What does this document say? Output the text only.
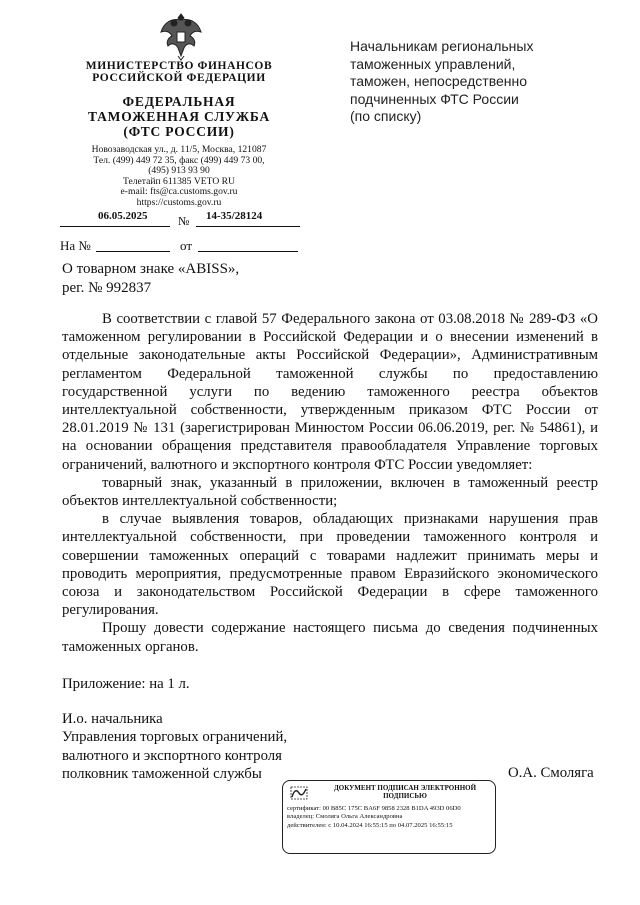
МИНИСТЕРСТВО ФИНАНСОВ
РОССИЙСКОЙ ФЕДЕРАЦИИ
ФЕДЕРАЛЬНАЯ
ТАМОЖЕННАЯ СЛУЖБА
(ФТС РОССИИ)
Новозаводская ул., д. 11/5, Москва, 121087
Тел. (499) 449 72 35, факс (499) 449 73 00,
(495) 913 93 90
Телетайп 611385 VETO RU
e-mail: fts@ca.customs.gov.ru
https://customs.gov.ru
06.05.2025	№ 14-35/28124
На №	от
Начальникам региональных
таможенных управлений,
таможен, непосредственно
подчиненных ФТС России
(по списку)
О товарном знаке «ABISS»,
рег. № 992837

В соответствии с главой 57 Федерального закона от 03.08.2018 № 289-ФЗ «О таможенном регулировании в Российской Федерации и о внесении изменений в отдельные законодательные акты Российской Федерации», Административным регламентом Федеральной таможенной службы по предоставлению государственной услуги по ведению таможенного реестра объектов интеллектуальной собственности, утвержденным приказом ФТС России от 28.01.2019 № 131 (зарегистрирован Минюстом России 06.06.2019, рег. № 54861), и на основании обращения представителя правообладателя Управление торговых ограничений, валютного и экспортного контроля ФТС России уведомляет:

товарный знак, указанный в приложении, включен в таможенный реестр объектов интеллектуальной собственности;

в случае выявления товаров, обладающих признаками нарушения прав интеллектуальной собственности, при проведении таможенного контроля и совершении таможенных операций с товарами надлежит принимать меры и проводить мероприятия, предусмотренные правом Евразийского экономического союза и законодательством Российской Федерации в сфере таможенного регулирования.

Прошу довести содержание настоящего письма до сведения подчиненных таможенных органов.

Приложение: на 1 л.
И.о. начальника
Управления торговых ограничений,
валютного и экспортного контроля
полковник таможенной службы	О.А. Смоляга
ДОКУМЕНТ ПОДПИСАН ЭЛЕКТРОННОЙ ПОДПИСЬЮ
сертификат: 00 B85C 175C BA6F 9858 2328 B1DA 493D 06D0
владелец: Смоляга Ольга Александровна
действителен: с 10.04.2024 16:55:15 по 04.07.2025 16:55:15
